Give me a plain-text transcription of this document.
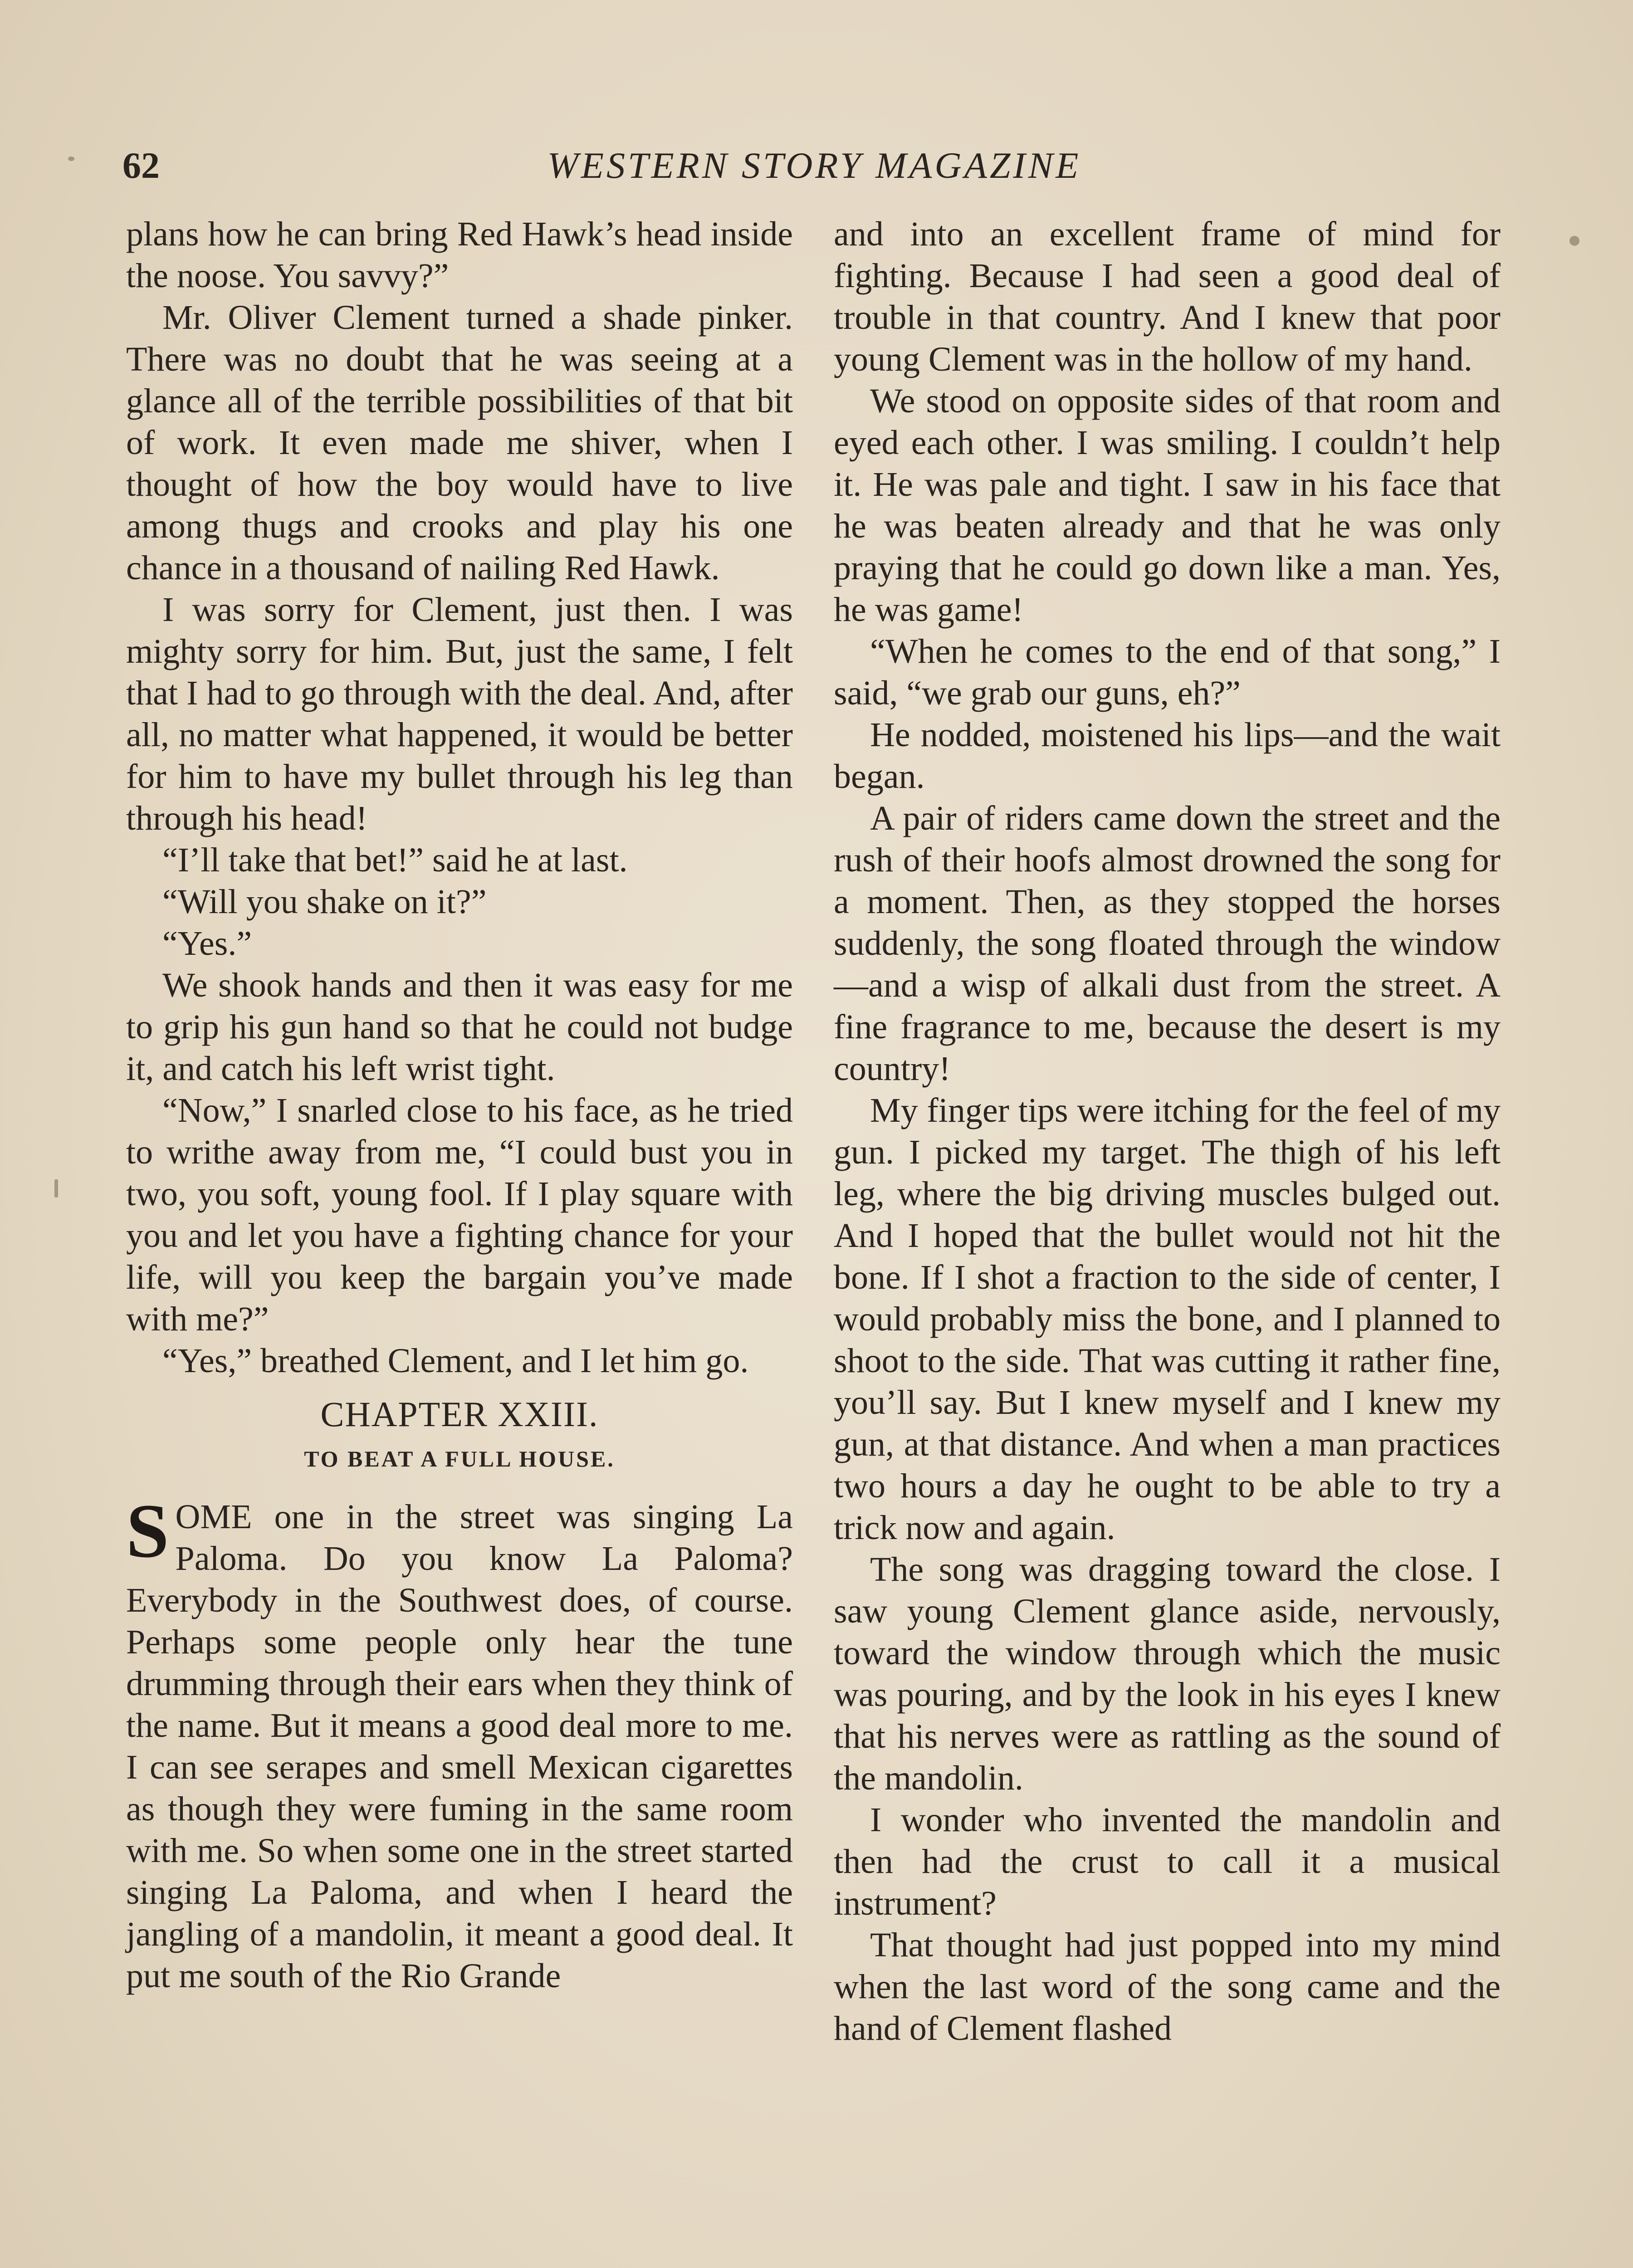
62	WESTERN STORY MAGAZINE

plans how he can bring Red Hawk’s head inside the noose. You savvy?”

Mr. Oliver Clement turned a shade pinker. There was no doubt that he was seeing at a glance all of the terrible possibilities of that bit of work. It even made me shiver, when I thought of how the boy would have to live among thugs and crooks and play his one chance in a thousand of nailing Red Hawk.

I was sorry for Clement, just then. I was mighty sorry for him. But, just the same, I felt that I had to go through with the deal. And, after all, no matter what happened, it would be better for him to have my bullet through his leg than through his head!

“I’ll take that bet!” said he at last.

“Will you shake on it?”

“Yes.”

We shook hands and then it was easy for me to grip his gun hand so that he could not budge it, and catch his left wrist tight.

“Now,” I snarled close to his face, as he tried to writhe away from me, “I could bust you in two, you soft, young fool. If I play square with you and let you have a fighting chance for your life, will you keep the bargain you’ve made with me?”

“Yes,” breathed Clement, and I let him go.

CHAPTER XXIII.
TO BEAT A FULL HOUSE.

SOME one in the street was singing La Paloma. Do you know La Paloma? Everybody in the Southwest does, of course. Perhaps some people only hear the tune drumming through their ears when they think of the name. But it means a good deal more to me. I can see serapes and smell Mexican cigarettes as though they were fuming in the same room with me. So when some one in the street started singing La Paloma, and when I heard the jangling of a mandolin, it meant a good deal. It put me south of the Rio Grande

and into an excellent frame of mind for fighting. Because I had seen a good deal of trouble in that country. And I knew that poor young Clement was in the hollow of my hand.

We stood on opposite sides of that room and eyed each other. I was smiling. I couldn’t help it. He was pale and tight. I saw in his face that he was beaten already and that he was only praying that he could go down like a man. Yes, he was game!

“When he comes to the end of that song,” I said, “we grab our guns, eh?”

He nodded, moistened his lips—and the wait began.

A pair of riders came down the street and the rush of their hoofs almost drowned the song for a moment. Then, as they stopped the horses suddenly, the song floated through the window—and a wisp of alkali dust from the street. A fine fragrance to me, because the desert is my country!

My finger tips were itching for the feel of my gun. I picked my target. The thigh of his left leg, where the big driving muscles bulged out. And I hoped that the bullet would not hit the bone. If I shot a fraction to the side of center, I would probably miss the bone, and I planned to shoot to the side. That was cutting it rather fine, you’ll say. But I knew myself and I knew my gun, at that distance. And when a man practices two hours a day he ought to be able to try a trick now and again.

The song was dragging toward the close. I saw young Clement glance aside, nervously, toward the window through which the music was pouring, and by the look in his eyes I knew that his nerves were as rattling as the sound of the mandolin.

I wonder who invented the mandolin and then had the crust to call it a musical instrument?

That thought had just popped into my mind when the last word of the song came and the hand of Clement flashed
